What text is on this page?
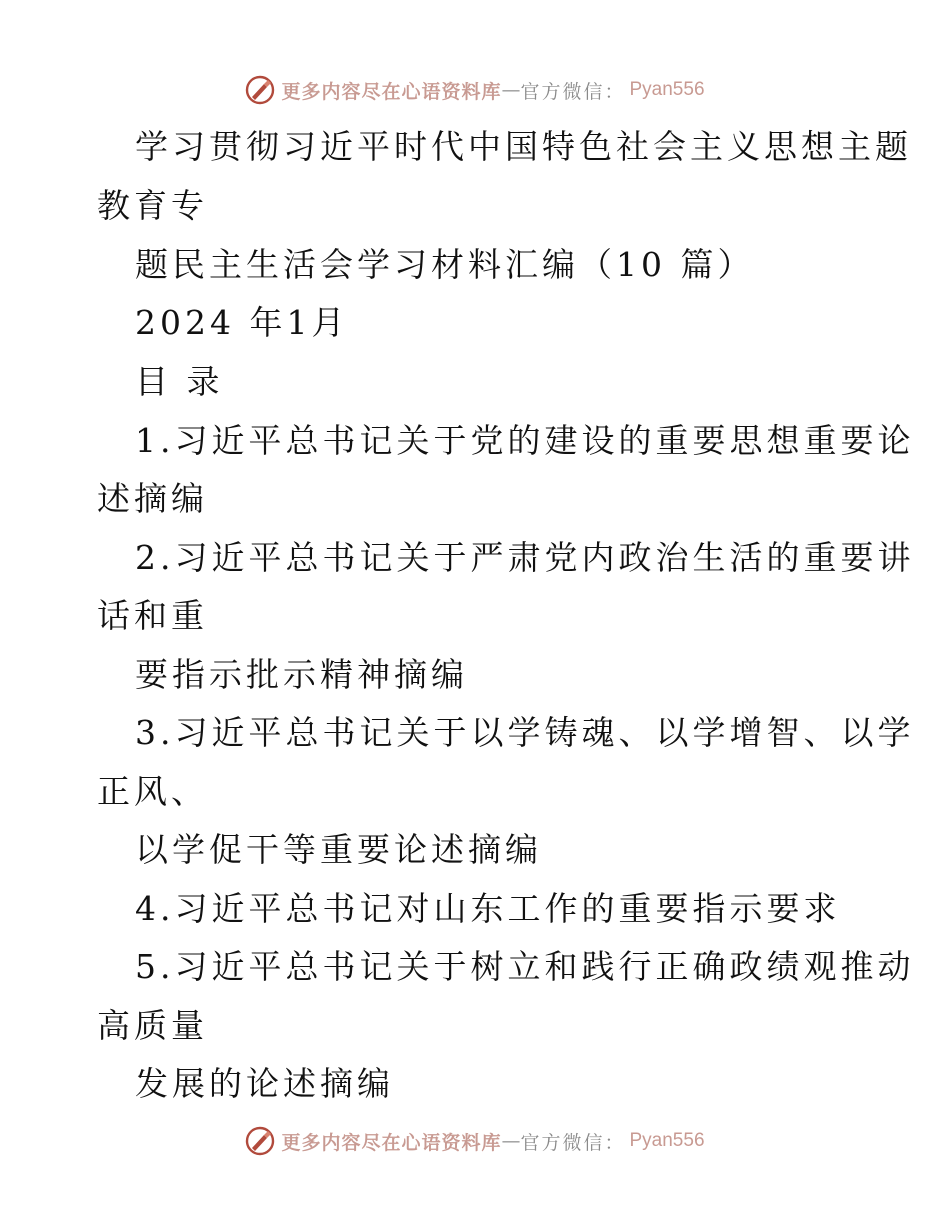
更多内容尽在心语资料库 — 官方微信： Pyan556
学习贯彻习近平时代中国特色社会主义思想主题
教育专
题民主生活会学习材料汇编（10 篇）
2024 年1月
目 录
1.习近平总书记关于党的建设的重要思想重要论
述摘编
2.习近平总书记关于严肃党内政治生活的重要讲
话和重
要指示批示精神摘编
3.习近平总书记关于以学铸魂、以学增智、以学
正风、
以学促干等重要论述摘编
4.习近平总书记对山东工作的重要指示要求
5.习近平总书记关于树立和践行正确政绩观推动
高质量
发展的论述摘编
更多内容尽在心语资料库 — 官方微信： Pyan556
